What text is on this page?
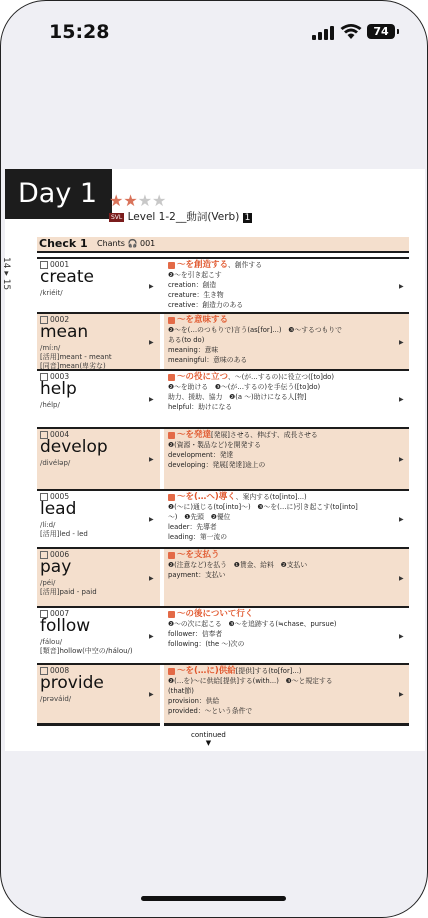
15:28	74
Day 1 ★★★★
SVL Level 1-2__動詞(Verb) 1
Check 1 Chants 🎧 001
0001
create
/kriéit/
▶
～を創造する、創作する
❷～を引き起こす
creation：創造
creature：生き物
creative：創造力のある
▶
0002
mean
/mí:n/
▶
[活用]meant - meant
[同音]mean(卑劣な)
～を意味する
❷～を(…のつもりで)言う(as[for]...)　❸～するつもりで
ある(to do)
meaning：意味
meaningful：意味のある
▶
0003
help
/hélp/
▶
～の役に立つ、～(が…するの)に役立つ([to]do)
❷～を助ける　❸～(が…するの)を手伝う([to]do)
助力、援助、協力　❷(a ～)助けになる人[物]
helpful：助けになる
▶
0004
develop
/divéləp/	▶
～を発達[発展]させる、伸ばす、成長させる
❷(資源・製品など)を開発する
development：発達
developing：発展[発達]途上の
▶
0005
lead
/lí:d/
▶
[活用]led - led
～を(…へ)導く、案内する(to[into]...)
❷(～に)通じる(to[into]～)　❸～を(…に)引き起こす(to[into]
～)　❶先頭　❷優位
leader：先導者
leading：第一流の
▶
0006
pay
/péi/
▶
[活用]paid - paid
～を支払う
❷(注意など)を払う　❶賃金、給料　❷支払い
payment：支払い	▶
0007
follow
/fálou/
▶
[類音]hollow(中空の/hálou/)
～の後について行く
❷～の次に起こる　❸～を追跡する(≒chase、pursue)
follower：信奉者
following：(the ～)次の
▶
0008
provide
/prəváid/
▶
～を(…に)供給[提供]する(to[for]...)
❷(…を)～に供給[提供]する(with...)　❸～と規定する
(that節)
provision：供給
provided：～という条件で
▶
continued
▼
14 ▸ 15
